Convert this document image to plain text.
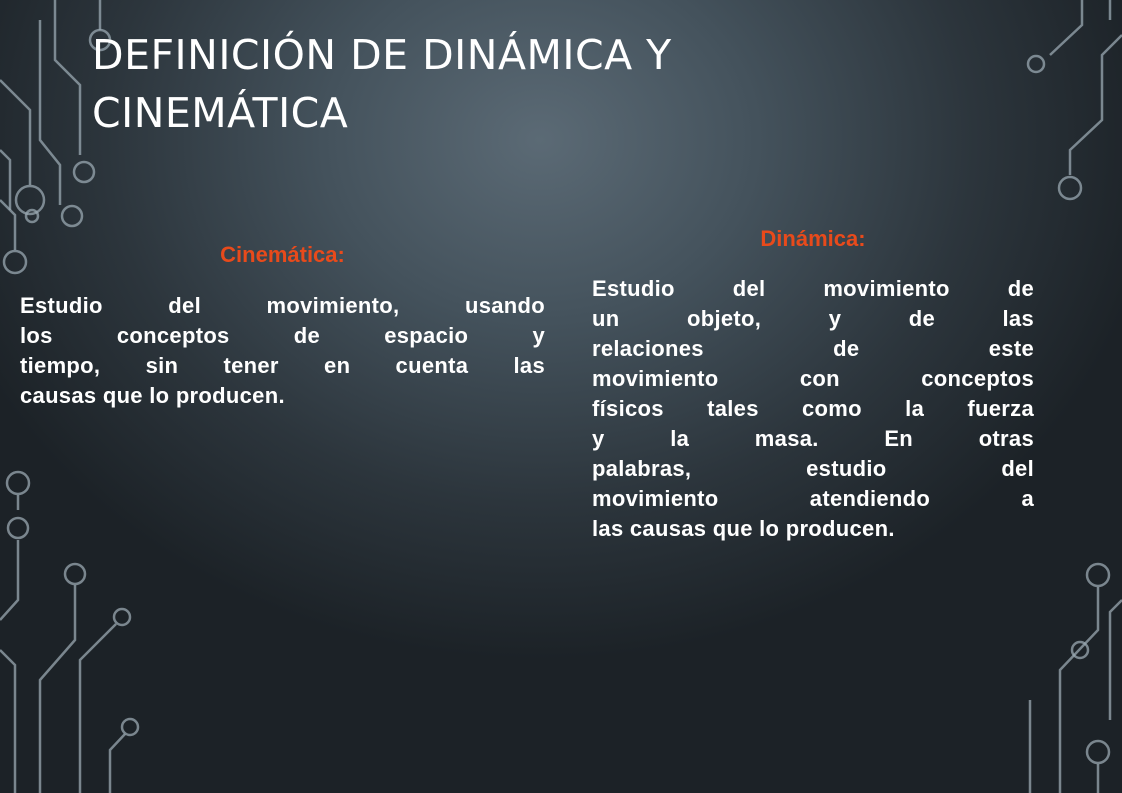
DEFINICIÓN DE DINÁMICA Y
CINEMÁTICA

Cinemática:

Estudio del movimiento, usando
los conceptos de espacio y
tiempo, sin tener en cuenta las
causas que lo producen.

Dinámica:

Estudio del movimiento de
un objeto, y de las
relaciones de este
movimiento con conceptos
físicos tales como la fuerza
y la masa. En otras
palabras, estudio del
movimiento atendiendo a
las causas que lo producen.
